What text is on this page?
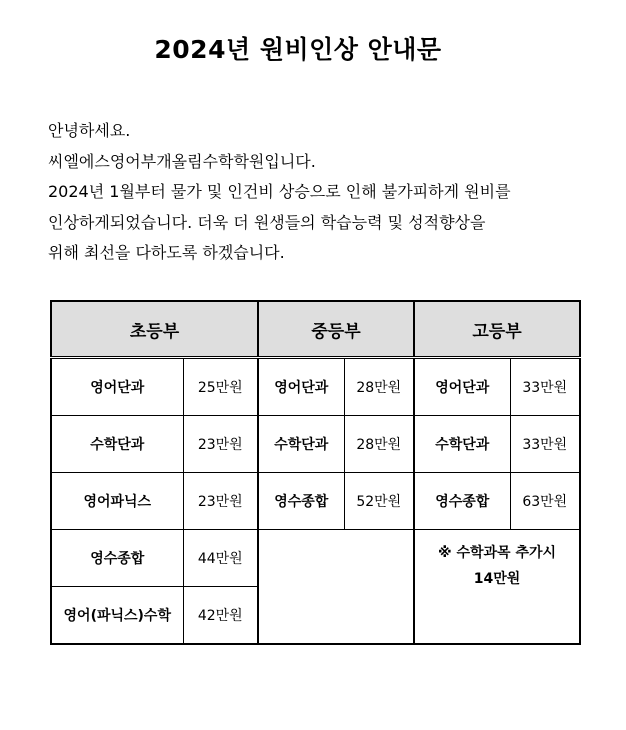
2024년 원비인상 안내문
안녕하세요.
씨엘에스영어부개올림수학학원입니다.
2024년 1월부터 물가 및 인건비 상승으로 인해 불가피하게 원비를
인상하게되었습니다. 더욱 더 원생들의 학습능력 및 성적향상을
위해 최선을 다하도록 하겠습니다.
초등부		중등부		고등부	
영어단과	25만원	영어단과	28만원	영어단과	33만원
수학단과	23만원	수학단과	28만원	수학단과	33만원
영어파닉스	23만원	영수종합	52만원	영수종합	63만원
영수종합	44만원			※ 수학과목 추가시
14만원	

영어(파닉스)수학	42만원				
